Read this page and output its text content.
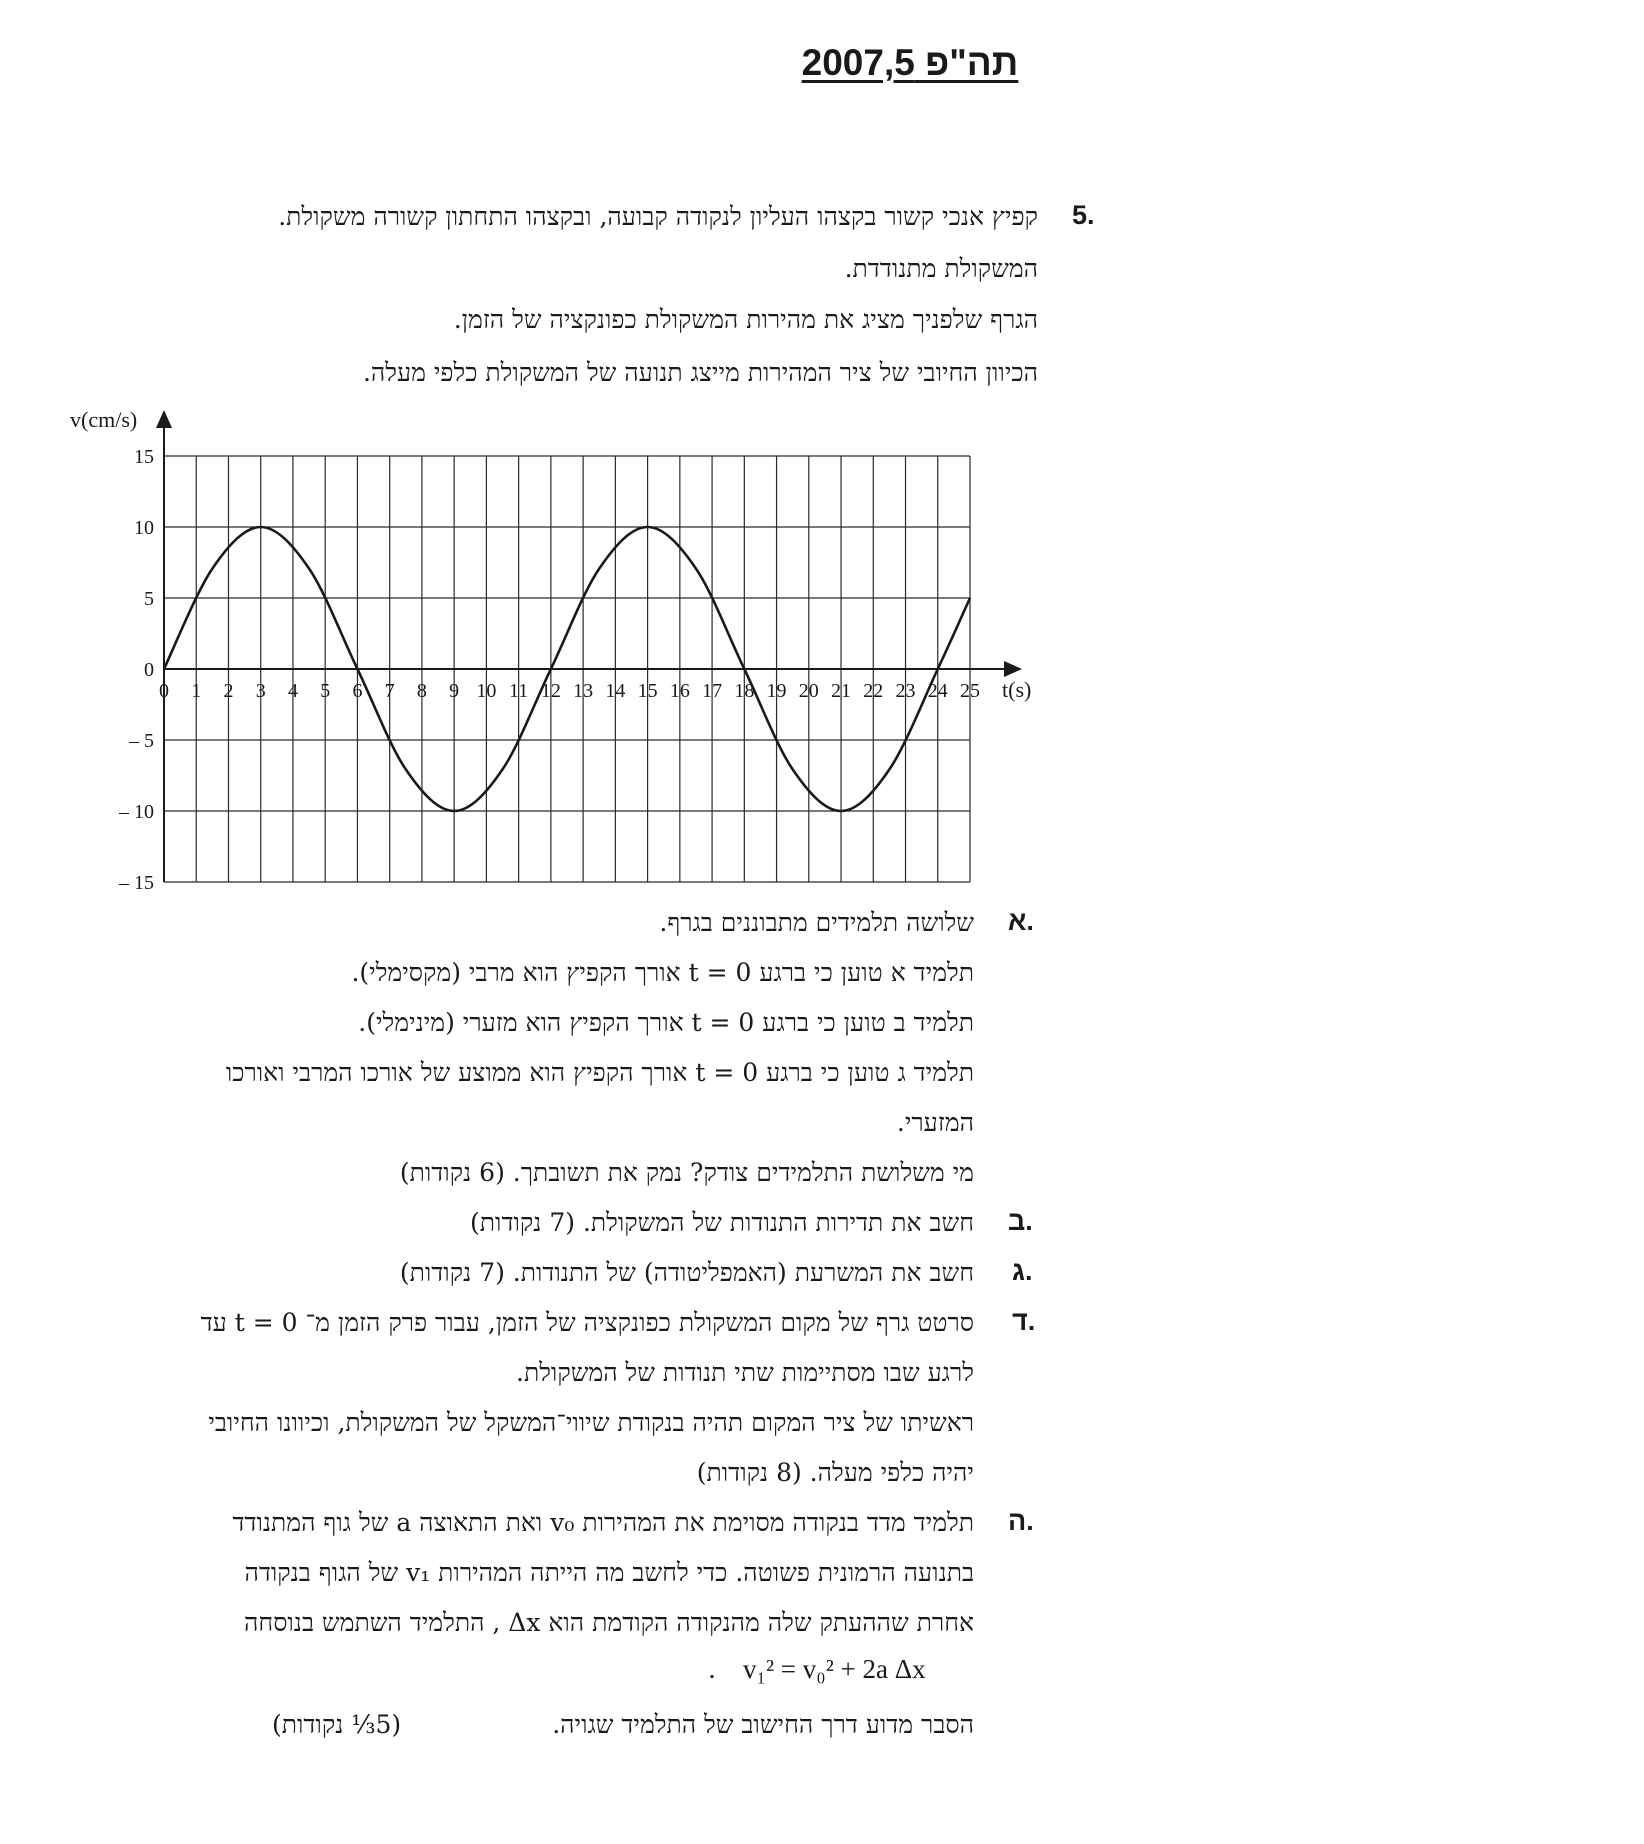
תה"פ 2007,5
5.
קפיץ אנכי קשור בקצהו העליון לנקודה קבועה, ובקצהו התחתון קשורה משקולת.
המשקולת מתנודדת.
הגרף שלפניך מציג את מהירות המשקולת כפונקציה של הזמן.
הכיוון החיובי של ציר המהירות מייצג תנועה של המשקולת כלפי מעלה.
0 1 2 3 4 5 6 7 8 9 10 11 12 13 14 15 16 17 18 19 20 21 22 23 24 25
15
10
5
0
– 5
– 10
– 15
v(cm/s)
t(s)
א.
שלושה תלמידים מתבוננים בגרף.
תלמיד א טוען כי ברגע t = 0 אורך הקפיץ הוא מרבי (מקסימלי).
תלמיד ב טוען כי ברגע t = 0 אורך הקפיץ הוא מזערי (מינימלי).
תלמיד ג טוען כי ברגע t = 0 אורך הקפיץ הוא ממוצע של אורכו המרבי ואורכו
המזערי.
מי משלושת התלמידים צודק? נמק את תשובתך. (6 נקודות)
ב.
חשב את תדירות התנודות של המשקולת. (7 נקודות)
ג.
חשב את המשרעת (האמפליטודה) של התנודות. (7 נקודות)
ד.
סרטט גרף של מקום המשקולת כפונקציה של הזמן, עבור פרק הזמן מ־ t = 0 עד
לרגע שבו מסתיימות שתי תנודות של המשקולת.
ראשיתו של ציר המקום תהיה בנקודת שיווי־המשקל של המשקולת, וכיוונו החיובי
יהיה כלפי מעלה. (8 נקודות)
ה.
תלמיד מדד בנקודה מסוימת את המהירות v₀ ואת התאוצה a של גוף המתנודד
בתנועה הרמונית פשוטה. כדי לחשב מה הייתה המהירות v₁ של הגוף בנקודה
אחרת שההעתק שלה מהנקודה הקודמת הוא Δx , התלמיד השתמש בנוסחה
. v₁² = v₀² + 2a Δx
הסבר מדוע דרך החישוב של התלמיד שגויה.
(5⅓ נקודות)
